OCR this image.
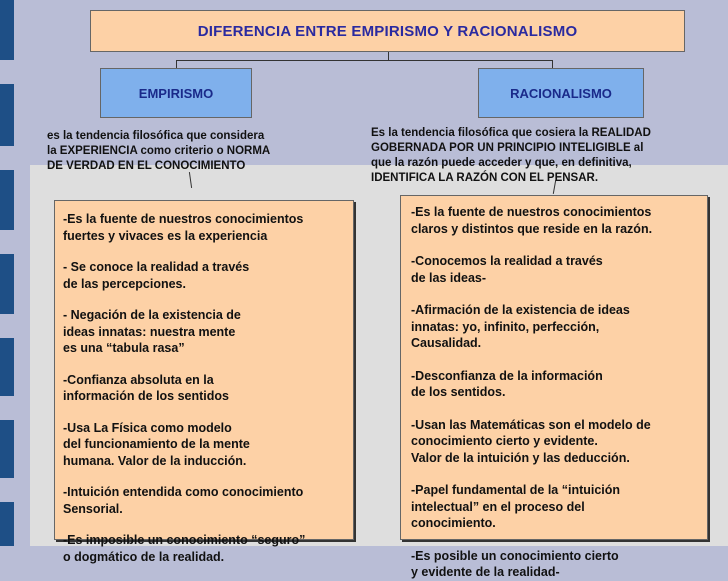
DIFERENCIA ENTRE EMPIRISMO Y RACIONALISMO
EMPIRISMO	RACIONALISMO
es la tendencia filosófica que considera
la EXPERIENCIA como criterio o NORMA
DE VERDAD EN EL CONOCIMIENTO
Es la tendencia filosófica que cosiera la REALIDAD
GOBERNADA POR UN PRINCIPIO INTELIGIBLE al
que la razón puede acceder y que, en definitiva,
IDENTIFICA LA RAZÓN CON EL PENSAR.
-Es la fuente de nuestros conocimientos
fuertes y vivaces es la experiencia
- Se conoce la realidad a través
de las percepciones.
- Negación de la existencia de
ideas innatas: nuestra mente
es una “tabula rasa”
-Confianza absoluta en la
información de los sentidos
-Usa La Física como modelo
del funcionamiento de la mente
humana. Valor de la inducción.
-Intuición entendida como conocimiento
Sensorial.
-Es imposible un conocimiento “seguro”
o dogmático de la realidad.
-Es la fuente de nuestros conocimientos
claros y distintos que reside en la razón.
-Conocemos la realidad a través
de las ideas-
-Afirmación de la existencia de ideas
innatas: yo, infinito, perfección,
Causalidad.
-Desconfianza de la información
de los sentidos.
-Usan las Matemáticas son el modelo de
conocimiento cierto y evidente.
Valor de la intuición y las deducción.
-Papel fundamental de la “intuición
intelectual” en el proceso del
conocimiento.
-Es posible un conocimiento cierto
y evidente de la realidad-
